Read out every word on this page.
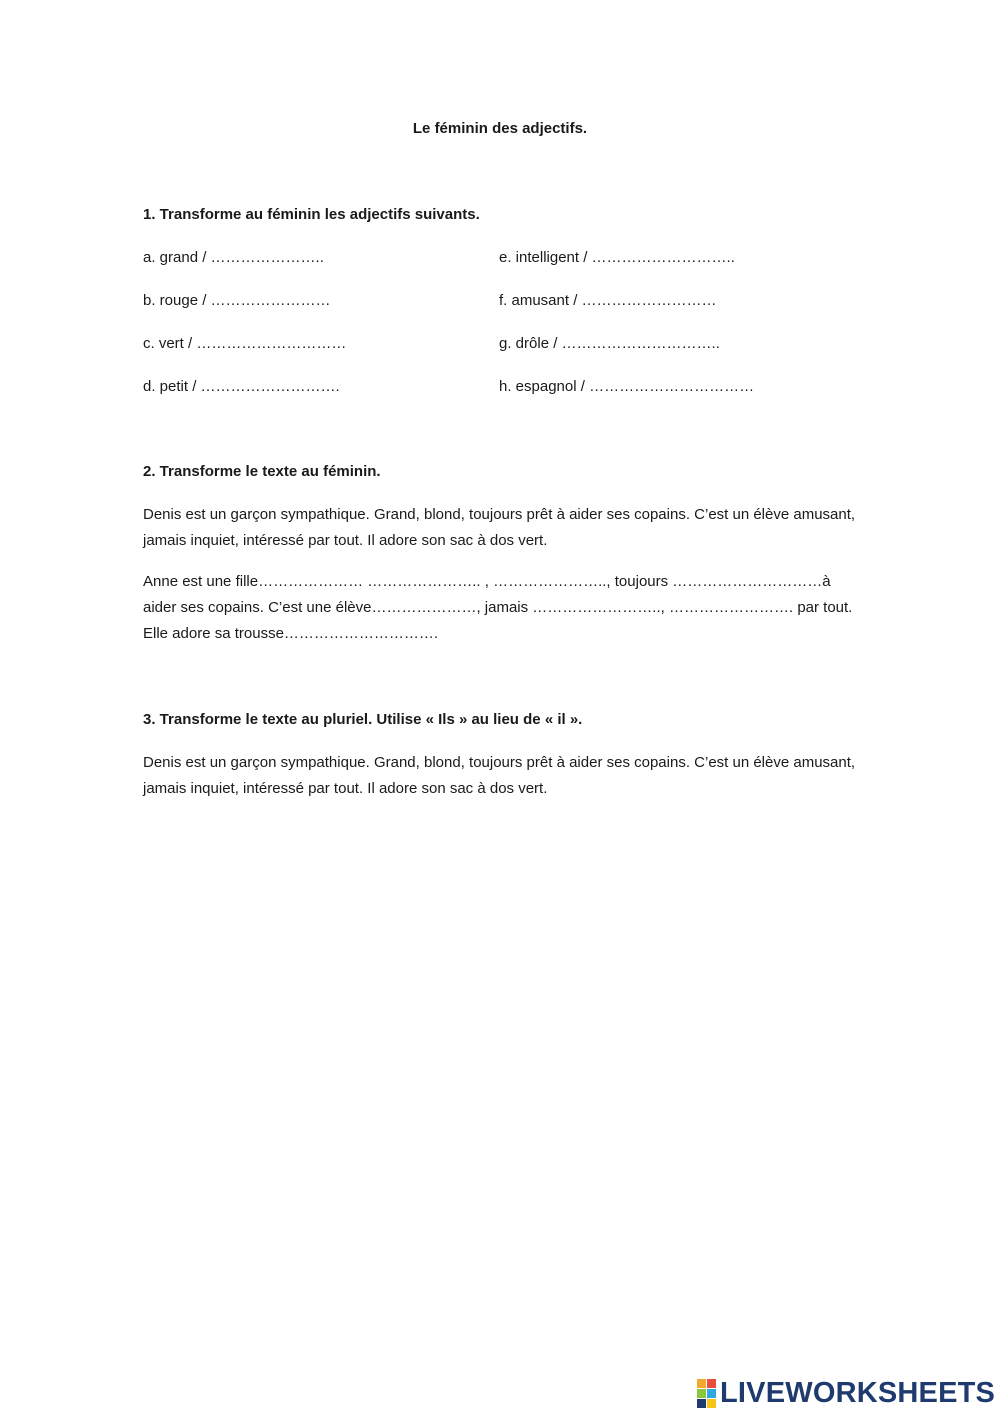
Le féminin des adjectifs.
1. Transforme au féminin les adjectifs suivants.
a. grand / …………………..
b. rouge / ……………………
c. vert / …………………………
d. petit / ……………………….
e. intelligent / ………………………..
f. amusant / ………………………
g. drôle / …………………………..
h. espagnol / ……………………………
2. Transforme le texte au féminin.
Denis est un garçon sympathique. Grand, blond, toujours prêt à aider ses copains. C’est un élève amusant, jamais inquiet, intéressé par tout. Il adore son sac à dos vert.
Anne est une fille………………… ………………….. , ………………….., toujours …………………………à aider ses copains. C’est une élève…………………, jamais …………………….., ……………………. par tout. Elle adore sa trousse………………………….
3. Transforme le texte au pluriel. Utilise « Ils » au lieu de « il ».
Denis est un garçon sympathique. Grand, blond, toujours prêt à aider ses copains. C’est un élève amusant, jamais inquiet, intéressé par tout. Il adore son sac à dos vert.
LIVEWORKSHEETS
